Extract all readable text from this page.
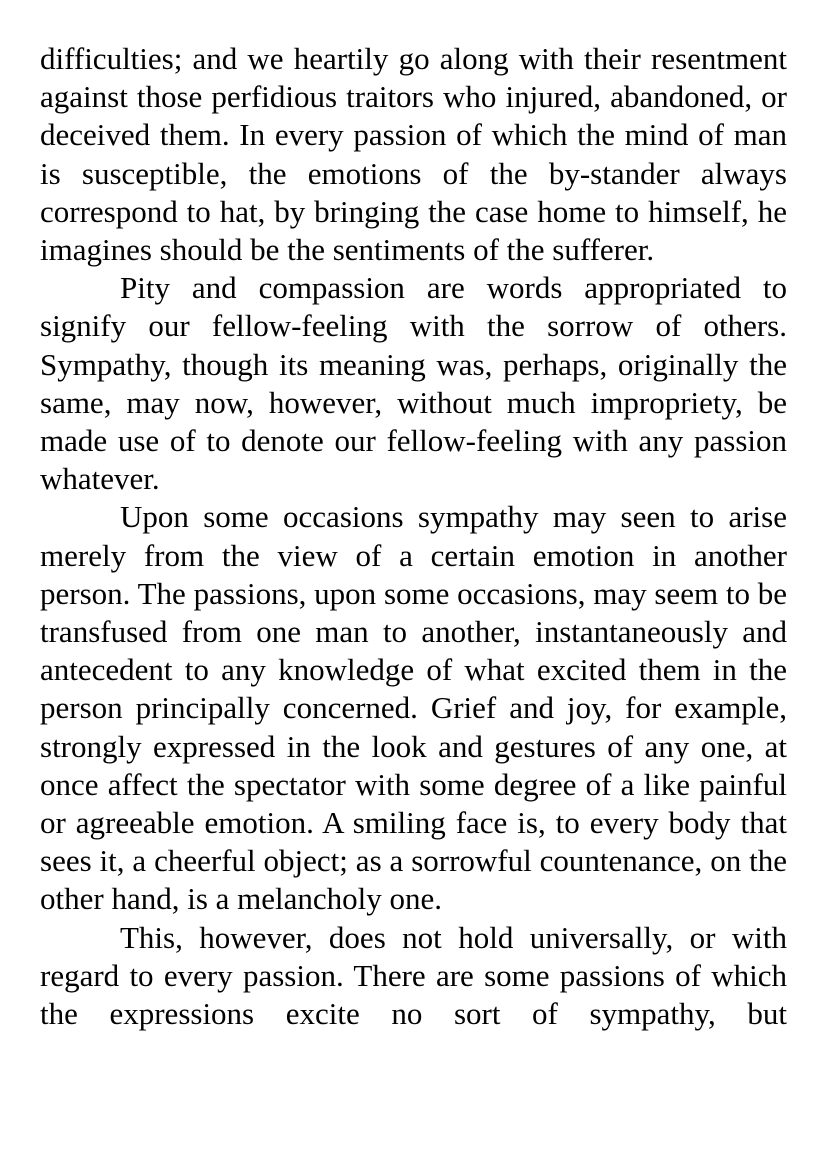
difficulties; and we heartily go along with their resentment against those perfidious traitors who injured, abandoned, or deceived them. In every passion of which the mind of man is susceptible, the emotions of the by-stander always correspond to hat, by bringing the case home to himself, he imagines should be the sentiments of the sufferer.

Pity and compassion are words appropriated to signify our fellow-feeling with the sorrow of others. Sympathy, though its meaning was, perhaps, originally the same, may now, however, without much impropriety, be made use of to denote our fellow-feeling with any passion whatever.

Upon some occasions sympathy may seen to arise merely from the view of a certain emotion in another person. The passions, upon some occasions, may seem to be transfused from one man to another, instantaneously and antecedent to any knowledge of what excited them in the person principally concerned. Grief and joy, for example, strongly expressed in the look and gestures of any one, at once affect the spectator with some degree of a like painful or agreeable emotion. A smiling face is, to every body that sees it, a cheerful object; as a sorrowful countenance, on the other hand, is a melancholy one.

This, however, does not hold universally, or with regard to every passion. There are some passions of which the expressions excite no sort of sympathy, but
